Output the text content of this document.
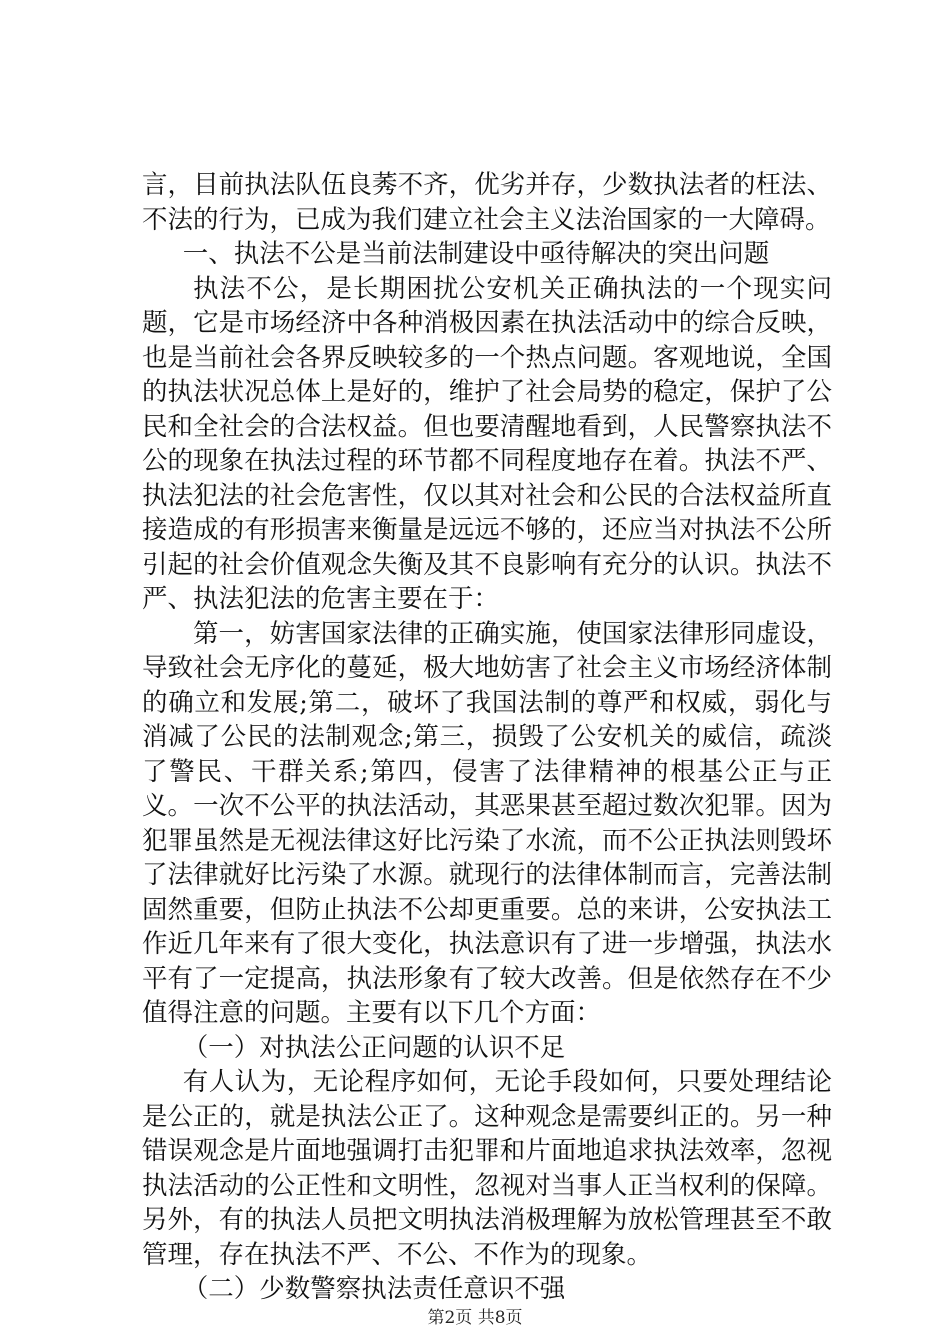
言，目前执法队伍良莠不齐，优劣并存，少数执法者的枉法、不法的行为，已成为我们建立社会主义法治国家的一大障碍。

一、执法不公是当前法制建设中亟待解决的突出问题

执法不公，是长期困扰公安机关正确执法的一个现实问题，它是市场经济中各种消极因素在执法活动中的综合反映，也是当前社会各界反映较多的一个热点问题。客观地说，全国的执法状况总体上是好的，维护了社会局势的稳定，保护了公民和全社会的合法权益。但也要清醒地看到，人民警察执法不公的现象在执法过程的环节都不同程度地存在着。执法不严、执法犯法的社会危害性，仅以其对社会和公民的合法权益所直接造成的有形损害来衡量是远远不够的，还应当对执法不公所引起的社会价值观念失衡及其不良影响有充分的认识。执法不严、执法犯法的危害主要在于：

第一，妨害国家法律的正确实施，使国家法律形同虚设，导致社会无序化的蔓延，极大地妨害了社会主义市场经济体制的确立和发展;第二，破坏了我国法制的尊严和权威，弱化与消减了公民的法制观念;第三，损毁了公安机关的威信，疏淡了警民、干群关系;第四，侵害了法律精神的根基公正与正义。一次不公平的执法活动，其恶果甚至超过数次犯罪。因为犯罪虽然是无视法律这好比污染了水流，而不公正执法则毁坏了法律就好比污染了水源。就现行的法律体制而言，完善法制固然重要，但防止执法不公却更重要。总的来讲，公安执法工作近几年来有了很大变化，执法意识有了进一步增强，执法水平有了一定提高，执法形象有了较大改善。但是依然存在不少值得注意的问题。主要有以下几个方面：

（一）对执法公正问题的认识不足

有人认为，无论程序如何，无论手段如何，只要处理结论是公正的，就是执法公正了。这种观念是需要纠正的。另一种错误观念是片面地强调打击犯罪和片面地追求执法效率，忽视执法活动的公正性和文明性，忽视对当事人正当权利的保障。另外，有的执法人员把文明执法消极理解为放松管理甚至不敢管理，存在执法不严、不公、不作为的现象。

（二）少数警察执法责任意识不强

第2页 共8页
